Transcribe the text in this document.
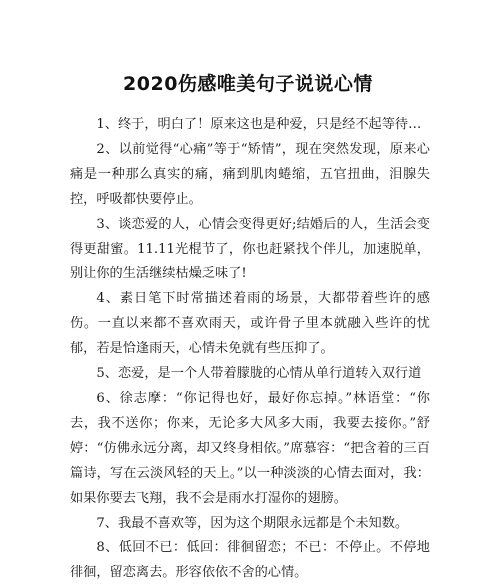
2020伤感唯美句子说说心情

1、终于，明白了！原来这也是种爱，只是经不起等待…

2、以前觉得“心痛”等于“矫情”，现在突然发现，原来心痛是一种那么真实的痛，痛到肌肉蜷缩，五官扭曲，泪腺失控，呼吸都快要停止。

3、谈恋爱的人，心情会变得更好;结婚后的人，生活会变得更甜蜜。11.11光棍节了，你也赶紧找个伴儿，加速脱单，别让你的生活继续枯燥乏味了!

4、素日笔下时常描述着雨的场景，大都带着些许的感伤。一直以来都不喜欢雨天，或许骨子里本就融入些许的忧郁，若是恰逢雨天，心情未免就有些压抑了。

5、恋爱，是一个人带着朦胧的心情从单行道转入双行道

6、徐志摩：“你记得也好，最好你忘掉。”林语堂：“你去，我不送你；你来，无论多大风多大雨，我要去接你。”舒婷：“仿佛永远分离，却又终身相依。”席慕容：“把含着的三百篇诗，写在云淡风轻的天上。”以一种淡淡的心情去面对，我：如果你要去飞翔，我不会是雨水打湿你的翅膀。

7、我最不喜欢等，因为这个期限永远都是个未知数。

8、低回不已：低回：徘徊留恋；不已：不停止。不停地徘徊，留恋离去。形容依依不舍的心情。
